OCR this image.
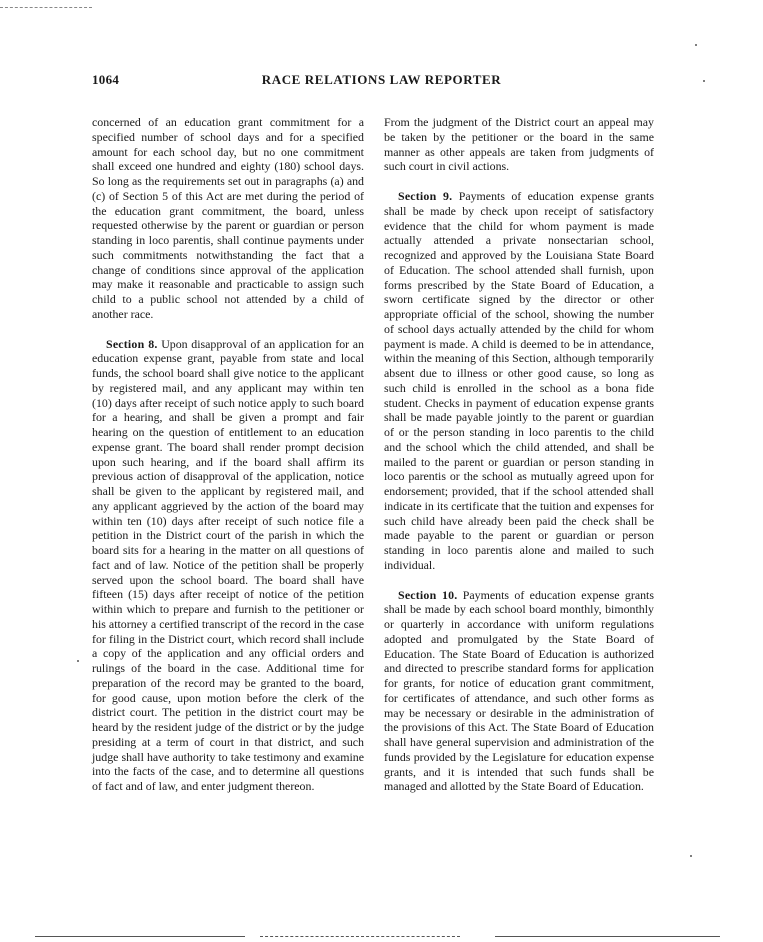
1064	RACE RELATIONS LAW REPORTER

concerned of an education grant commitment for a specified number of school days and for a specified amount for each school day, but no one commitment shall exceed one hundred and eighty (180) school days. So long as the requirements set out in paragraphs (a) and (c) of Section 5 of this Act are met during the period of the education grant commitment, the board, unless requested otherwise by the parent or guardian or person standing in loco parentis, shall continue payments under such commitments notwithstanding the fact that a change of conditions since approval of the application may make it reasonable and practicable to assign such child to a public school not attended by a child of another race.

Section 8. Upon disapproval of an application for an education expense grant, payable from state and local funds, the school board shall give notice to the applicant by registered mail, and any applicant may within ten (10) days after receipt of such notice apply to such board for a hearing, and shall be given a prompt and fair hearing on the question of entitlement to an education expense grant. The board shall render prompt decision upon such hearing, and if the board shall affirm its previous action of disapproval of the application, notice shall be given to the applicant by registered mail, and any applicant aggrieved by the action of the board may within ten (10) days after receipt of such notice file a petition in the District court of the parish in which the board sits for a hearing in the matter on all questions of fact and of law. Notice of the petition shall be properly served upon the school board. The board shall have fifteen (15) days after receipt of notice of the petition within which to prepare and furnish to the petitioner or his attorney a certified transcript of the record in the case for filing in the District court, which record shall include a copy of the application and any official orders and rulings of the board in the case. Additional time for preparation of the record may be granted to the board, for good cause, upon motion before the clerk of the district court. The petition in the district court may be heard by the resident judge of the district or by the judge presiding at a term of court in that district, and such judge shall have authority to take testimony and examine into the facts of the case, and to determine all questions of fact and of law, and enter judgment thereon.

From the judgment of the District court an appeal may be taken by the petitioner or the board in the same manner as other appeals are taken from judgments of such court in civil actions.

Section 9. Payments of education expense grants shall be made by check upon receipt of satisfactory evidence that the child for whom payment is made actually attended a private nonsectarian school, recognized and approved by the Louisiana State Board of Education. The school attended shall furnish, upon forms prescribed by the State Board of Education, a sworn certificate signed by the director or other appropriate official of the school, showing the number of school days actually attended by the child for whom payment is made. A child is deemed to be in attendance, within the meaning of this Section, although temporarily absent due to illness or other good cause, so long as such child is enrolled in the school as a bona fide student. Checks in payment of education expense grants shall be made payable jointly to the parent or guardian of or the person standing in loco parentis to the child and the school which the child attended, and shall be mailed to the parent or guardian or person standing in loco parentis or the school as mutually agreed upon for endorsement; provided, that if the school attended shall indicate in its certificate that the tuition and expenses for such child have already been paid the check shall be made payable to the parent or guardian or person standing in loco parentis alone and mailed to such individual.

Section 10. Payments of education expense grants shall be made by each school board monthly, bimonthly or quarterly in accordance with uniform regulations adopted and promulgated by the State Board of Education. The State Board of Education is authorized and directed to prescribe standard forms for application for grants, for notice of education grant commitment, for certificates of attendance, and such other forms as may be necessary or desirable in the administration of the provisions of this Act. The State Board of Education shall have general supervision and administration of the funds provided by the Legislature for education expense grants, and it is intended that such funds shall be managed and allotted by the State Board of Education.
